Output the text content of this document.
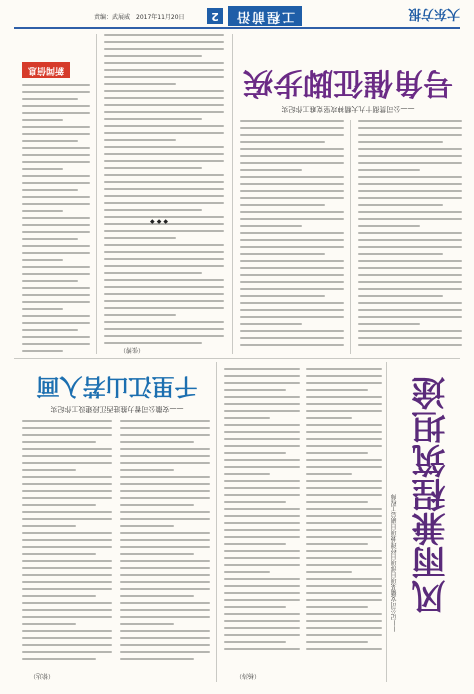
责编：武展威　2017年11月20日	2	工程前沿	大东方报
号角催征脚步疾
——公司贯彻十九大精神攻坚克难工作纪实
新闻信息
◆ ◆ ◆
（张博）
千里江山若入画
——安徽公司着力推进西江段建设工作纪实
（徐达）
风雨兼程筑坦途
——记公司安徽某项目部项目经理兼项目副总工程师
（杨涛）
